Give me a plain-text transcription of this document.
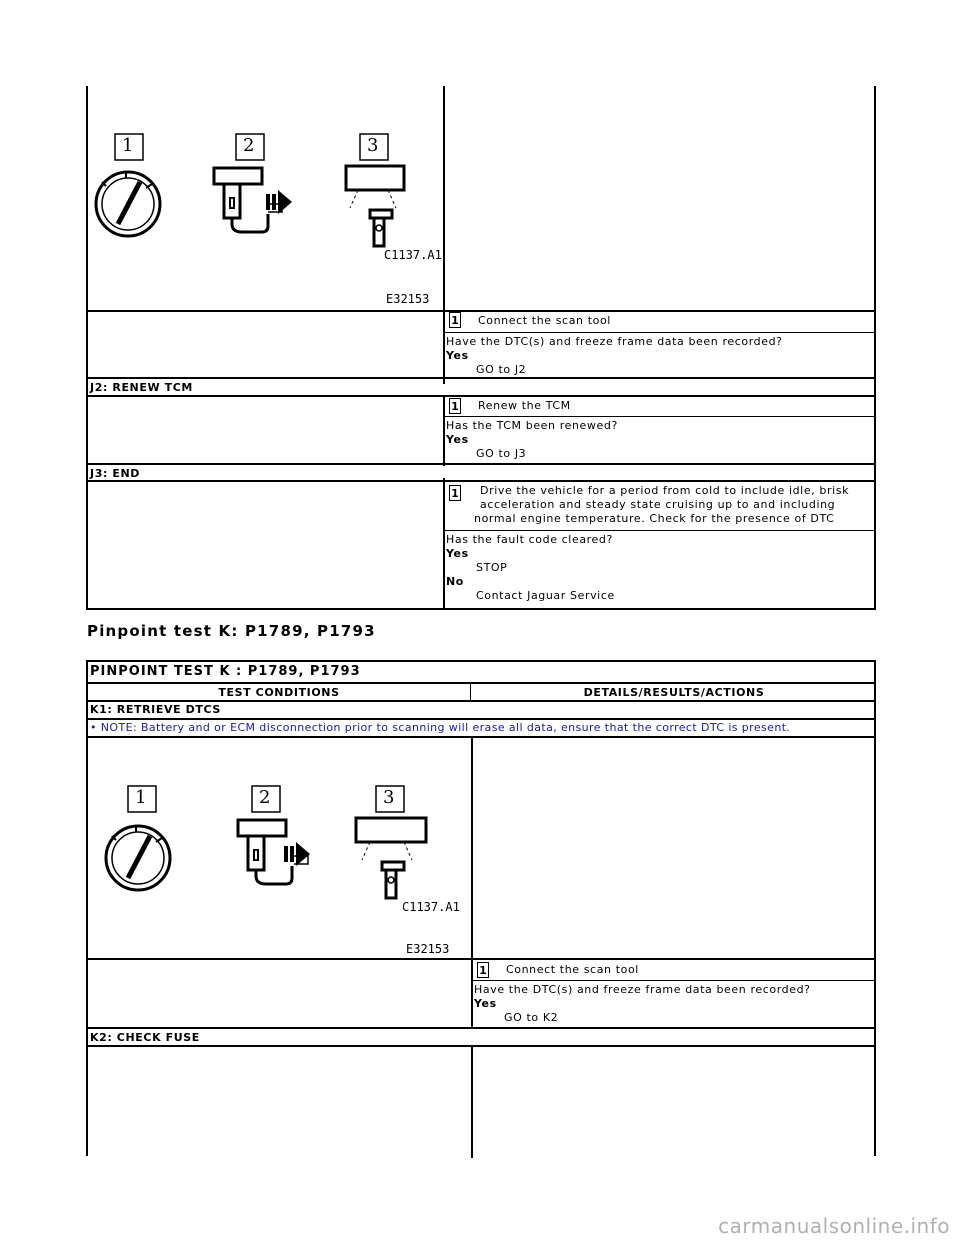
C1137.A1
E32153
1	2	3
1 Connect the scan tool
Have the DTC(s) and freeze frame data been recorded?
Yes
GO to J2
J2: RENEW TCM
1 Renew the TCM
Has the TCM been renewed?
Yes
GO to J3
J3: END
1	Drive the vehicle for a period from cold to include idle, brisk
acceleration and steady state cruising up to and including
normal engine temperature. Check for the presence of DTC
Has the fault code cleared?
Yes
STOP
No
Contact Jaguar Service
Pinpoint test K: P1789, P1793
PINPOINT TEST K : P1789, P1793
TEST CONDITIONS	DETAILS/RESULTS/ACTIONS
K1: RETRIEVE DTCS
• NOTE: Battery and or ECM disconnection prior to scanning will erase all data, ensure that the correct DTC is present.
C1137.A1
E32153
1	2	3
1 Connect the scan tool
Have the DTC(s) and freeze frame data been recorded?
Yes
GO to K2
K2: CHECK FUSE
carmanualsonline.info
